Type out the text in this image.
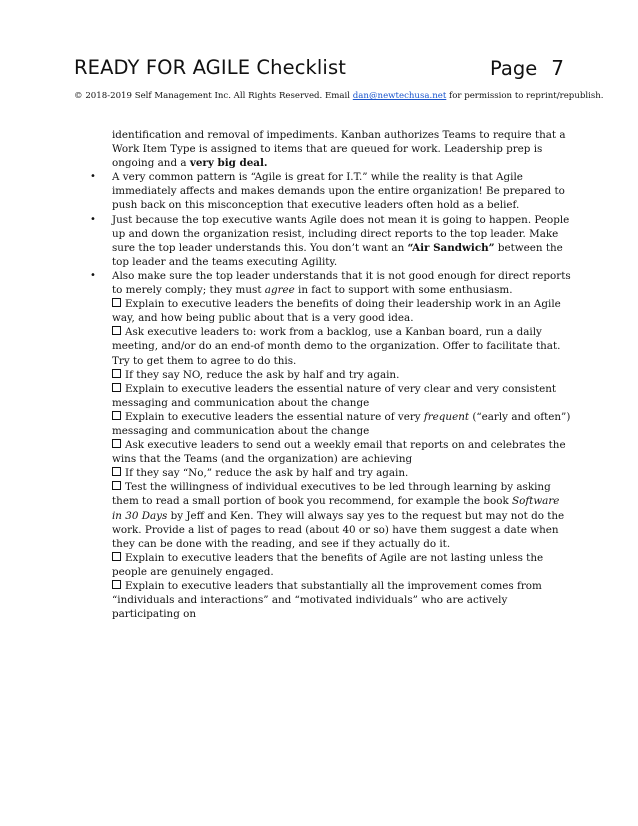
READY FOR AGILE Checklist	Page 7
© 2018-2019 Self Management Inc. All Rights Reserved. Email dan@newtechusa.net for permission to reprint/republish.

identification and removal of impediments. Kanban authorizes Teams to require that a Work Item Type is assigned to items that are queued for work. Leadership prep is ongoing and a very big deal.

• A very common pattern is “Agile is great for I.T.” while the reality is that Agile immediately affects and makes demands upon the entire organization! Be prepared to push back on this misconception that executive leaders often hold as a belief.
• Just because the top executive wants Agile does not mean it is going to happen. People up and down the organization resist, including direct reports to the top leader. Make sure the top leader understands this. You don’t want an “Air Sandwich” between the top leader and the teams executing Agility.
• Also make sure the top leader understands that it is not good enough for direct reports to merely comply; they must agree in fact to support with some enthusiasm.

Explain to executive leaders the benefits of doing their leadership work in an Agile way, and how being public about that is a very good idea.

Ask executive leaders to: work from a backlog, use a Kanban board, run a daily meeting, and/or do an end-of month demo to the organization. Offer to facilitate that. Try to get them to agree to do this.

If they say NO, reduce the ask by half and try again.

Explain to executive leaders the essential nature of very clear and very consistent messaging and communication about the change

Explain to executive leaders the essential nature of very frequent (“early and often”) messaging and communication about the change

Ask executive leaders to send out a weekly email that reports on and celebrates the wins that the Teams (and the organization) are achieving

If they say “No,” reduce the ask by half and try again.

Test the willingness of individual executives to be led through learning by asking them to read a small portion of book you recommend, for example the book Software in 30 Days by Jeff and Ken. They will always say yes to the request but may not do the work. Provide a list of pages to read (about 40 or so) have them suggest a date when they can be done with the reading, and see if they actually do it.

Explain to executive leaders that the benefits of Agile are not lasting unless the people are genuinely engaged.

Explain to executive leaders that substantially all the improvement comes from “individuals and interactions” and “motivated individuals” who are actively participating on
